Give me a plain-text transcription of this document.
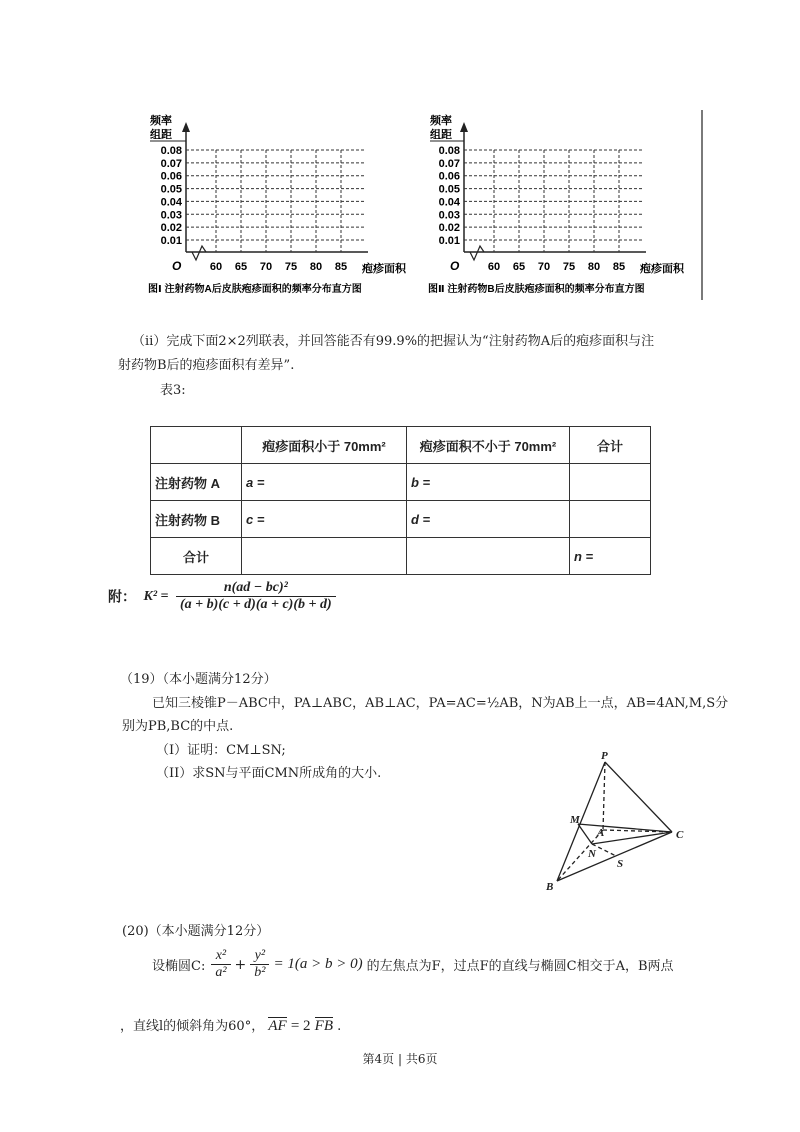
频率
组距
0.08
0.07
0.06
0.05
0.04
0.03
0.02
0.01
60 65 70 75 80 85
O	疱疹面积
图Ⅰ 注射药物A后皮肤疱疹面积的频率分布直方图
频率
组距
0.08
0.07
0.06
0.05
0.04
0.03
0.02
0.01
60 65 70 75 80 85
O	疱疹面积
图Ⅱ 注射药物B后皮肤疱疹面积的频率分布直方图
（ⅱ）完成下面2×2列联表，并回答能否有99.9%的把握认为“注射药物A后的疱疹面积与注
射药物B后的疱疹面积有差异”.
表3:
	疱疹面积小于 70mm²	疱疹面积不小于 70mm²	合计
注射药物 A	a =	b =	
注射药物 B	c =	d =	
合计			n =
附： $K^2 = \frac{\text{n(ad − bc)²}}{(a + b)(c + d)(a + c)(b + d)}$
（19）（本小题满分12分）
已知三棱锥P－ABC中，PA⊥ABC，AB⊥AC，PA=AC=½AB，N为AB上一点，AB=4AN,M,S分
别为PB,BC的中点.
（I）证明：CM⊥SN;
（II）求SN与平面CMN所成角的大小.
P
M
A	C
N
S
B
(20)（本小题满分12分）
设椭圆C: $\frac{\text{x²}}{\text{a²}} + \frac{\text{y²}}{\text{b²}} = 1(a > b > 0)$ 的左焦点为F，过点F的直线与椭圆C相交于A，B两点
，直线l的倾斜角为60°， AF = 2 FB .
第4页 | 共6页
